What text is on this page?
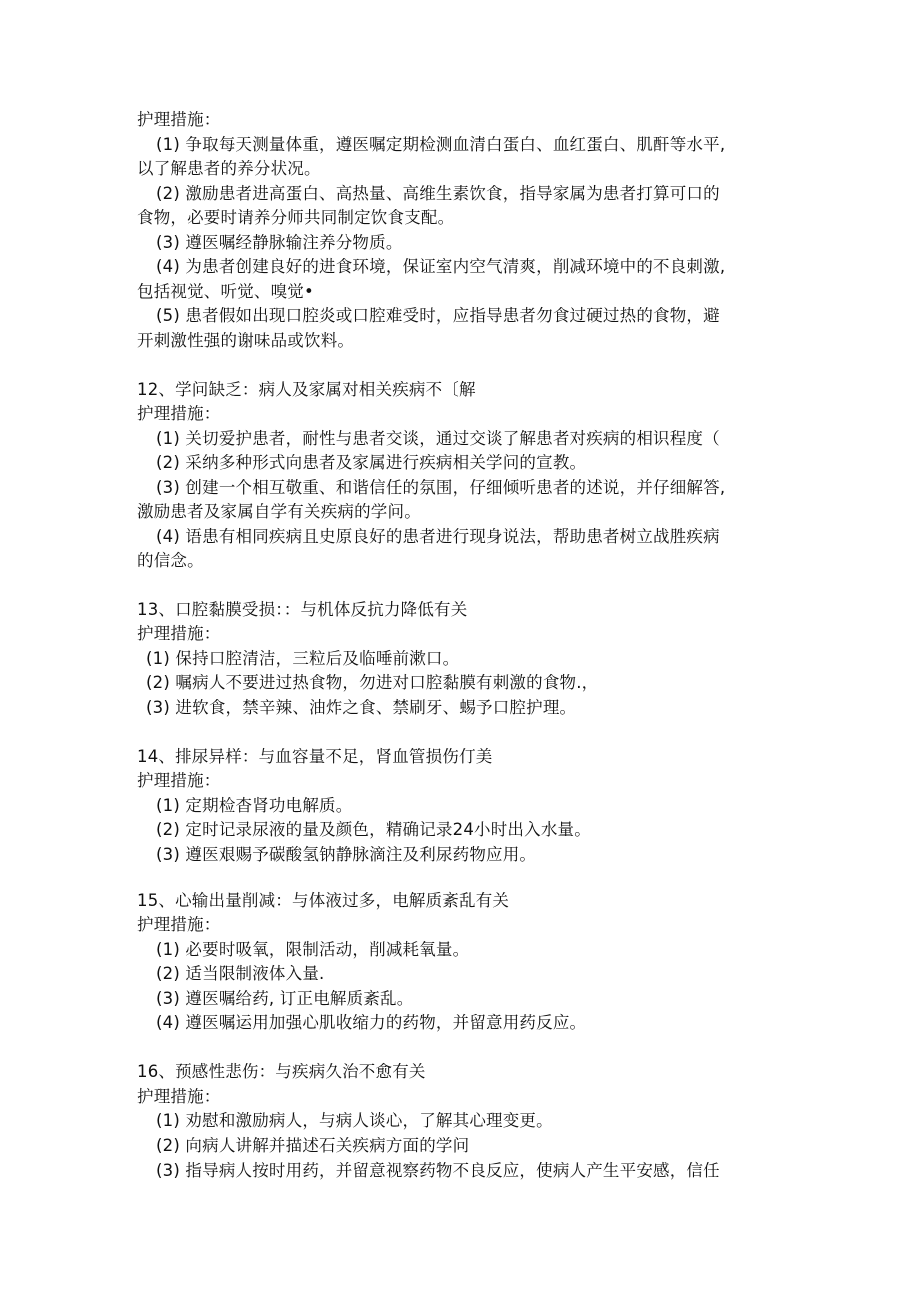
护理措施：
(1) 争取每天测量体重，遵医嘱定期检测血清白蛋白、血红蛋白、肌酐等水平,
以了解患者的养分状况。
(2) 激励患者进高蛋白、高热量、高维生素饮食，指导家属为患者打算可口的
食物，必要时请养分师共同制定饮食支配。
(3) 遵医嘱经静脉输注养分物质。
(4) 为患者创建良好的进食环境，保证室内空气清爽，削减环境中的不良刺激,
包括视觉、听觉、嗅觉•
(5) 患者假如出现口腔炎或口腔难受时，应指导患者勿食过硬过热的食物，避
开刺激性强的谢味品或饮料。
12、学问缺乏：病人及家属对相关疾病不〔解
护理措施：
(1) 关切爱护患者，耐性与患者交谈，通过交谈了解患者对疾病的相识程度（
(2) 采纳多种形式向患者及家属进行疾病相关学问的宣教。
(3) 创建一个相互敬重、和谐信任的氛围，仔细倾听患者的述说，并仔细解答,
激励患者及家属自学有关疾病的学问。
(4) 语患有相同疾病且史原良好的患者进行现身说法，帮助患者树立战胜疾病
的信念。
13、口腔黏膜受损：：与机体反抗力降低有关
护理措施：
(1) 保持口腔清洁，三粒后及临唾前漱口。
(2) 嘱病人不要进过热食物，勿进对口腔黏膜有刺激的食物.，
(3) 进软食，禁辛辣、油炸之食、禁刷牙、蜴予口腔护理。
14、排尿异样：与血容量不足，肾血管损伤仃美
护理措施：
(1) 定期检杳肾功电解质。
(2) 定时记录尿液的量及颜色，精确记录24小时出入水量。
(3) 遵医艰赐予碳酸氢钠静脉滴注及利尿药物应用。
15、心输出量削减：与体液过多，电解质紊乱有关
护理措施：
(1) 必要时吸氧，限制活动，削减耗氧量。
(2) 适当限制液体入量.
(3) 遵医嘱给药, 订正电解质紊乱。
(4) 遵医嘱运用加强心肌收缩力的药物，并留意用药反应。
16、预感性悲伤：与疾病久治不愈有关
护理措施：
(1) 劝慰和激励病人，与病人谈心，了解其心理变更。
(2) 向病人讲解并描述石关疾病方面的学问
(3) 指导病人按时用药，并留意视察药物不良反应，使病人产生平安感，信任
